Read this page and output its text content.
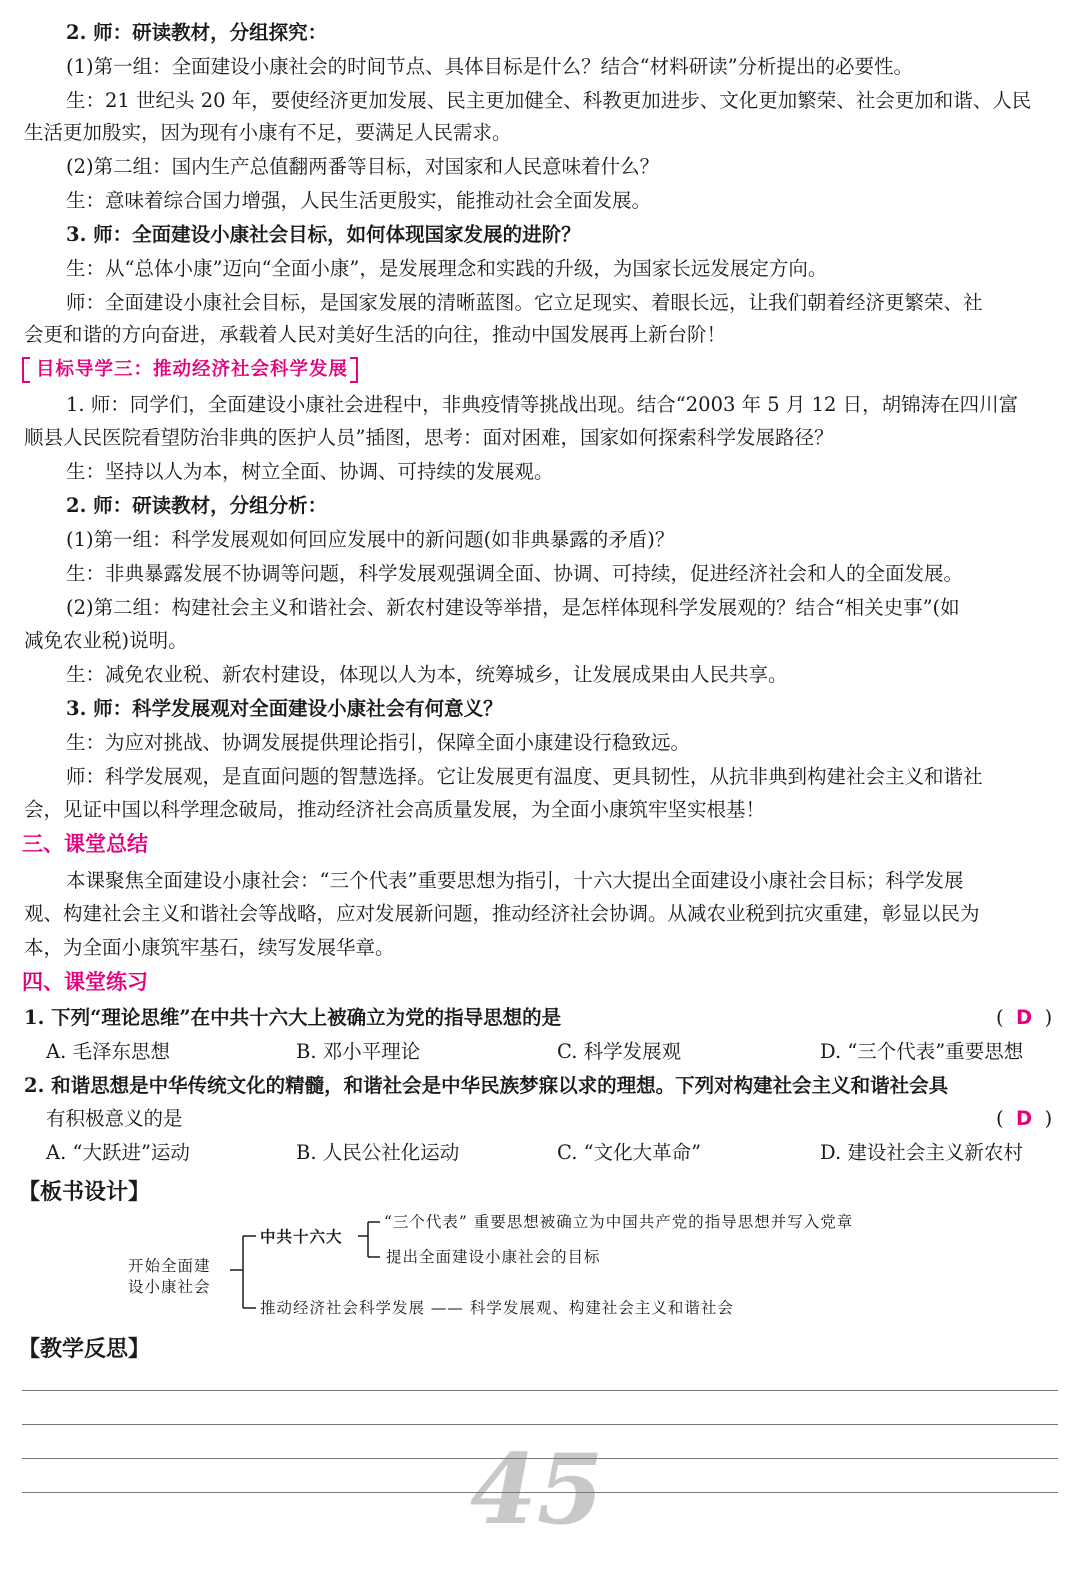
2. 师：研读教材，分组探究：
(1)第一组：全面建设小康社会的时间节点、具体目标是什么？结合“材料研读”分析提出的必要性。
生：21 世纪头 20 年，要使经济更加发展、民主更加健全、科教更加进步、文化更加繁荣、社会更加和谐、人民
生活更加殷实，因为现有小康有不足，要满足人民需求。
(2)第二组：国内生产总值翻两番等目标，对国家和人民意味着什么？
生：意味着综合国力增强，人民生活更殷实，能推动社会全面发展。
3. 师：全面建设小康社会目标，如何体现国家发展的进阶？
生：从“总体小康”迈向“全面小康”，是发展理念和实践的升级，为国家长远发展定方向。
师：全面建设小康社会目标，是国家发展的清晰蓝图。它立足现实、着眼长远，让我们朝着经济更繁荣、社
会更和谐的方向奋进，承载着人民对美好生活的向往，推动中国发展再上新台阶！
目标导学三：推动经济社会科学发展
1. 师：同学们，全面建设小康社会进程中，非典疫情等挑战出现。结合“2003 年 5 月 12 日，胡锦涛在四川富
顺县人民医院看望防治非典的医护人员”插图，思考：面对困难，国家如何探索科学发展路径？
生：坚持以人为本，树立全面、协调、可持续的发展观。
2. 师：研读教材，分组分析：
(1)第一组：科学发展观如何回应发展中的新问题(如非典暴露的矛盾)？
生：非典暴露发展不协调等问题，科学发展观强调全面、协调、可持续，促进经济社会和人的全面发展。
(2)第二组：构建社会主义和谐社会、新农村建设等举措，是怎样体现科学发展观的？结合“相关史事”(如
减免农业税)说明。
生：减免农业税、新农村建设，体现以人为本，统筹城乡，让发展成果由人民共享。
3. 师：科学发展观对全面建设小康社会有何意义？
生：为应对挑战、协调发展提供理论指引，保障全面小康建设行稳致远。
师：科学发展观，是直面问题的智慧选择。它让发展更有温度、更具韧性，从抗非典到构建社会主义和谐社
会，见证中国以科学理念破局，推动经济社会高质量发展，为全面小康筑牢坚实根基！
三、课堂总结
本课聚焦全面建设小康社会：“三个代表”重要思想为指引，十六大提出全面建设小康社会目标；科学发展
观、构建社会主义和谐社会等战略，应对发展新问题，推动经济社会协调。从减农业税到抗灾重建，彰显以民为
本，为全面小康筑牢基石，续写发展华章。
四、课堂练习
1. 下列“理论思维”在中共十六大上被确立为党的指导思想的是	(  D  )
A. 毛泽东思想	B. 邓小平理论	C. 科学发展观	D. “三个代表”重要思想
2. 和谐思想是中华传统文化的精髓，和谐社会是中华民族梦寐以求的理想。下列对构建社会主义和谐社会具
有积极意义的是	(  D  )
A. “大跃进”运动	B. 人民公社化运动	C. “文化大革命”	D. 建设社会主义新农村
【板书设计】
开始全面建
设小康社会
中共十六大
“三个代表” 重要思想被确立为中国共产党的指导思想并写入党章
提出全面建设小康社会的目标
推动经济社会科学发展 —— 科学发展观、构建社会主义和谐社会
【教学反思】
45
